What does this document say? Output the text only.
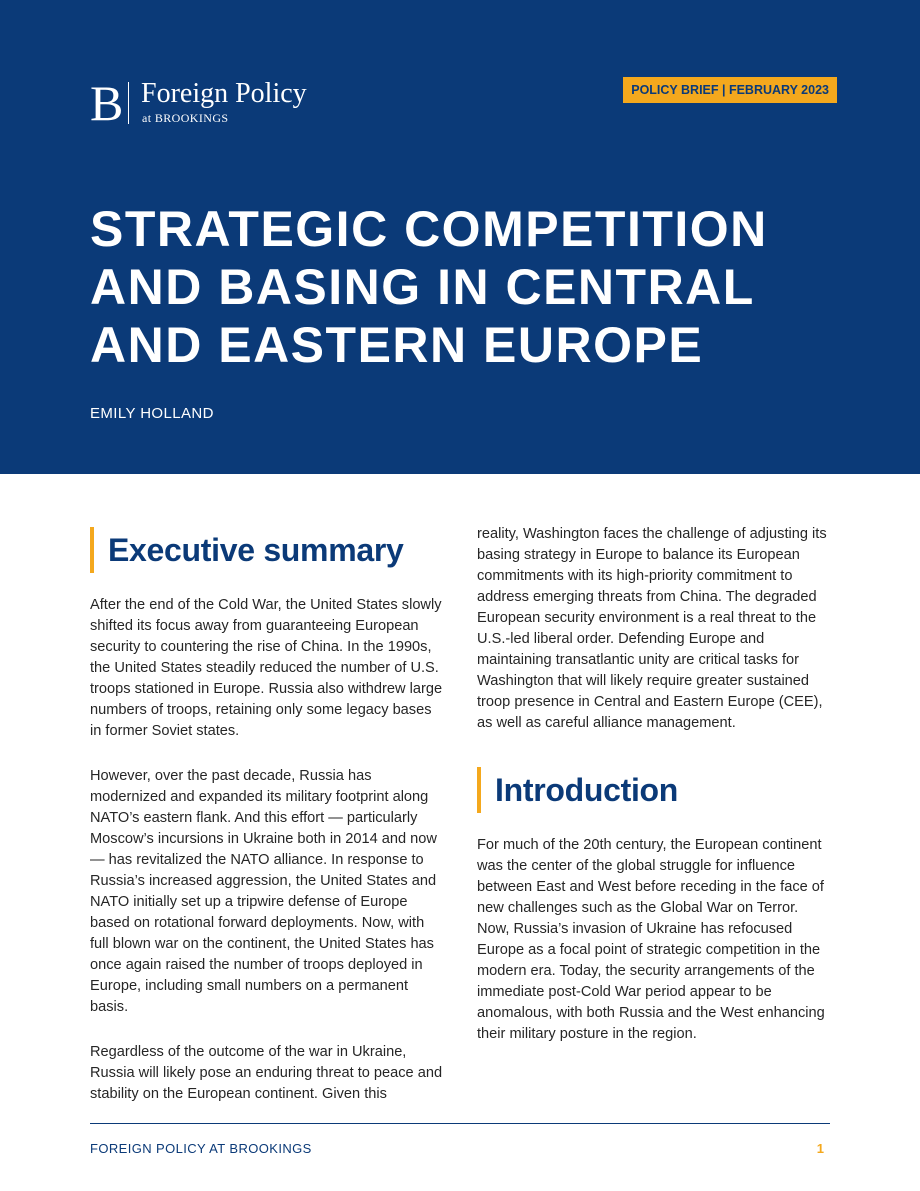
B Foreign Policy
at BROOKINGS
POLICY BRIEF | FEBRUARY 2023
STRATEGIC COMPETITION AND BASING IN CENTRAL AND EASTERN EUROPE
EMILY HOLLAND
Executive summary

After the end of the Cold War, the United States slowly shifted its focus away from guaranteeing European security to countering the rise of China. In the 1990s, the United States steadily reduced the number of U.S. troops stationed in Europe. Russia also withdrew large numbers of troops, retaining only some legacy bases in former Soviet states.

However, over the past decade, Russia has modernized and expanded its military footprint along NATO’s eastern flank. And this effort — particularly Moscow’s incursions in Ukraine both in 2014 and now — has revitalized the NATO alliance. In response to Russia’s increased aggression, the United States and NATO initially set up a tripwire defense of Europe based on rotational forward deployments. Now, with full blown war on the continent, the United States has once again raised the number of troops deployed in Europe, including small numbers on a permanent basis.

Regardless of the outcome of the war in Ukraine, Russia will likely pose an enduring threat to peace and stability on the European continent. Given this

reality, Washington faces the challenge of adjusting its basing strategy in Europe to balance its European commitments with its high-priority commitment to address emerging threats from China. The degraded European security environment is a real threat to the U.S.-led liberal order. Defending Europe and maintaining transatlantic unity are critical tasks for Washington that will likely require greater sustained troop presence in Central and Eastern Europe (CEE), as well as careful alliance management.

Introduction

For much of the 20th century, the European continent was the center of the global struggle for influence between East and West before receding in the face of new challenges such as the Global War on Terror. Now, Russia’s invasion of Ukraine has refocused Europe as a focal point of strategic competition in the modern era. Today, the security arrangements of the immediate post-Cold War period appear to be anomalous, with both Russia and the West enhancing their military posture in the region.

FOREIGN POLICY AT BROOKINGS	1
